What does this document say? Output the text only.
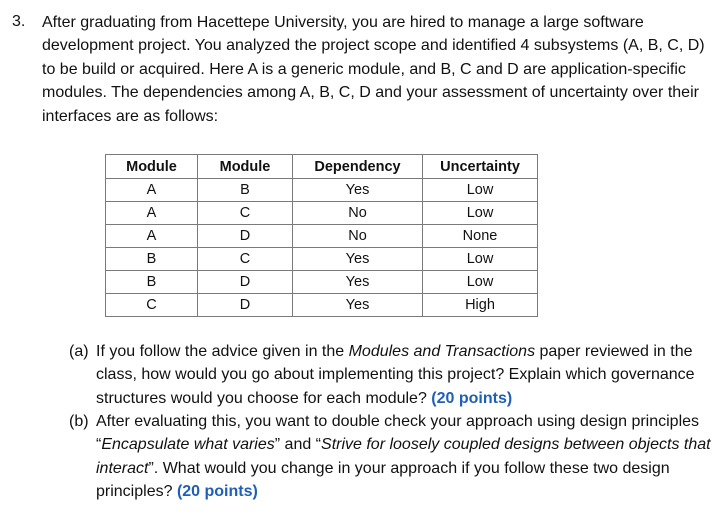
3. After graduating from Hacettepe University, you are hired to manage a large software development project. You analyzed the project scope and identified 4 subsystems (A, B, C, D) to be build or acquired. Here A is a generic module, and B, C and D are application-specific modules. The dependencies among A, B, C, D and your assessment of uncertainty over their interfaces are as follows:

Module	Module	Dependency	Uncertainty
A	B	Yes	Low
A	C	No	Low
A	D	No	None
B	C	Yes	Low
B	D	Yes	Low
C	D	Yes	High
(a) If you follow the advice given in the Modules and Transactions paper reviewed in the class, how would you go about implementing this project? Explain which governance structures would you choose for each module? (20 points)

(b) After evaluating this, you want to double check your approach using design principles “Encapsulate what varies” and “Strive for loosely coupled designs between objects that interact”. What would you change in your approach if you follow these two design principles? (20 points)
